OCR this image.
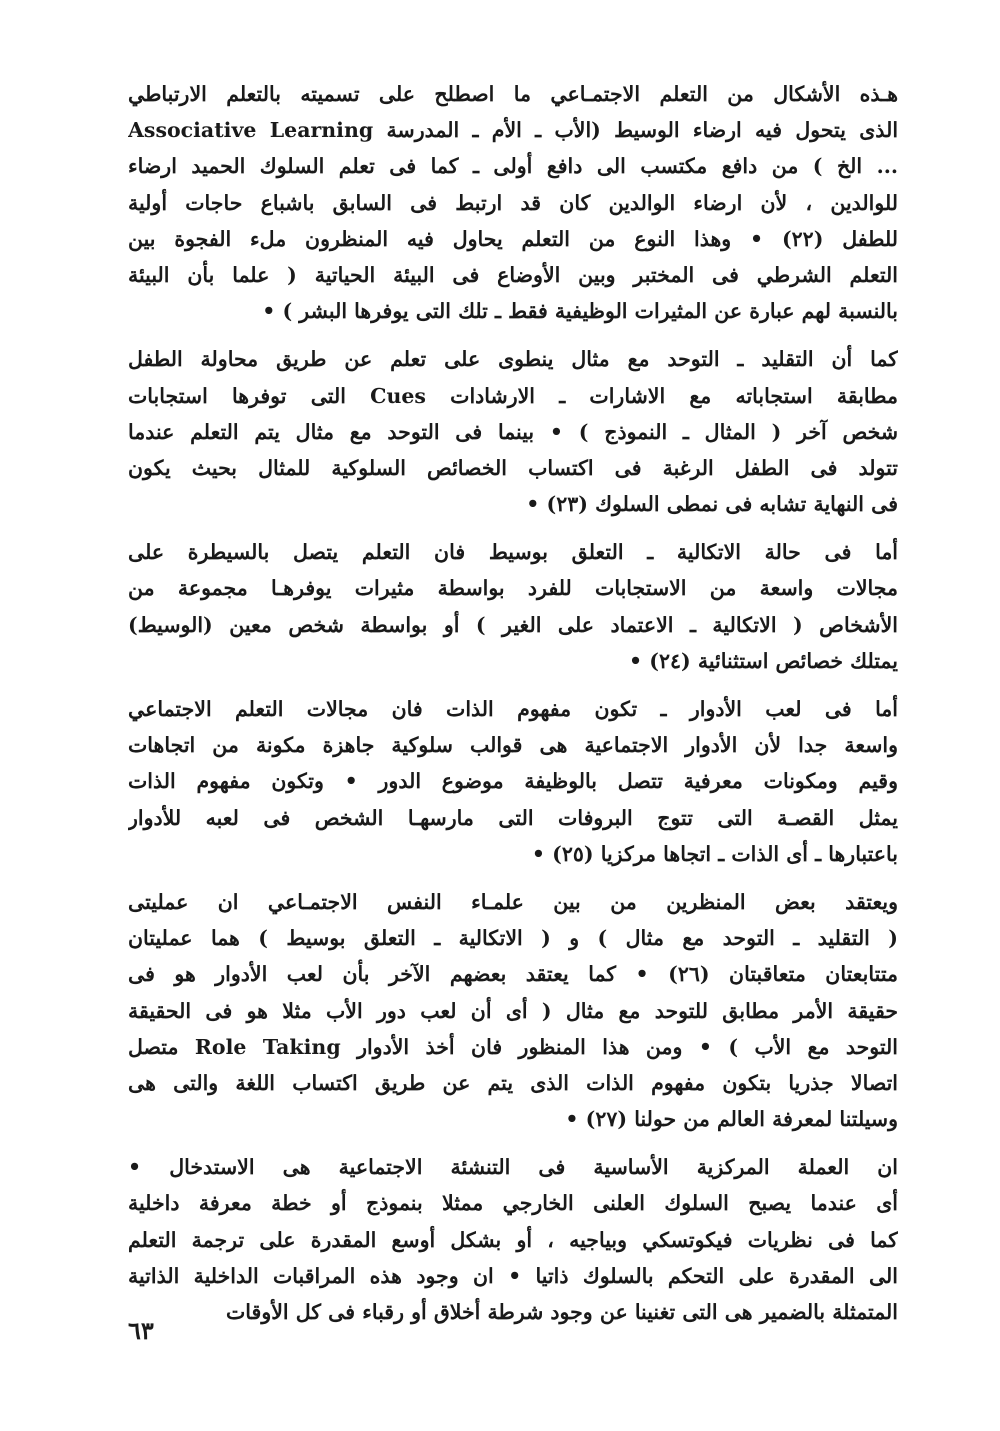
هـذه الأشكال من التعلم الاجتمـاعي ما اصطلح على تسميته بالتعلم الارتباطي
Associative Learning الذى يتحول فيه ارضاء الوسيط (الأب ـ الأم ـ المدرسة
... الخ ) من دافع مكتسب الى دافع أولى ـ كما فى تعلم السلوك الحميد ارضاء
للوالدين ، لأن ارضاء الوالدين كان قد ارتبط فى السابق باشباع حاجات أولية
للطفل (٢٢) • وهذا النوع من التعلم يحاول فيه المنظرون ملء الفجوة بين
التعلم الشرطي فى المختبر وبين الأوضاع فى البيئة الحياتية ( علما بأن البيئة
بالنسبة لهم عبارة عن المثيرات الوظيفية فقط ـ تلك التى يوفرها البشر ) •
كما أن التقليد ـ التوحد مع مثال ينطوى على تعلم عن طريق محاولة الطفل
مطابقة استجاباته مع الاشارات ـ الارشادات Cues التى توفرها استجابات
شخص آخر ( المثال ـ النموذج ) • بينما فى التوحد مع مثال يتم التعلم عندما
تتولد فى الطفل الرغبة فى اكتساب الخصائص السلوكية للمثال بحيث يكون
فى النهاية تشابه فى نمطى السلوك (٢٣) •
أما فى حالة الاتكالية ـ التعلق بوسيط فان التعلم يتصل بالسيطرة على
مجالات واسعة من الاستجابات للفرد بواسطة مثيرات يوفرهـا مجموعة من
الأشخاص ( الاتكالية ـ الاعتماد على الغير ) أو بواسطة شخص معين (الوسيط)
يمتلك خصائص استثنائية (٢٤) •
أما فى لعب الأدوار ـ تكون مفهوم الذات فان مجالات التعلم الاجتماعي
واسعة جدا لأن الأدوار الاجتماعية هى قوالب سلوكية جاهزة مكونة من اتجاهات
وقيم ومكونات معرفية تتصل بالوظيفة موضوع الدور • وتكون مفهوم الذات
يمثل القصـة التى تتوج البروفات التى مارسهـا الشخص فى لعبه للأدوار
باعتبارها ـ أى الذات ـ اتجاها مركزيا (٢٥) •
ويعتقد بعض المنظرين من بين علمـاء النفس الاجتمـاعي ان عمليتى
( التقليد ـ التوحد مع مثال ) و ( الاتكالية ـ التعلق بوسيط ) هما عمليتان
متتابعتان متعاقبتان (٢٦) • كما يعتقد بعضهم الآخر بأن لعب الأدوار هو فى
حقيقة الأمر مطابق للتوحد مع مثال ( أى أن لعب دور الأب مثلا هو فى الحقيقة
التوحد مع الأب ) • ومن هذا المنظور فان أخذ الأدوار Role Taking متصل
اتصالا جذريا بتكون مفهوم الذات الذى يتم عن طريق اكتساب اللغة والتى هى
وسيلتنا لمعرفة العالم من حولنا (٢٧) •
ان العملة المركزية الأساسية فى التنشئة الاجتماعية هى الاستدخال •
أى عندما يصبح السلوك العلنى الخارجي ممثلا بنموذج أو خطة معرفة داخلية
كما فى نظريات فيكوتسكي وبياجيه ، أو بشكل أوسع المقدرة على ترجمة التعلم
الى المقدرة على التحكم بالسلوك ذاتيا • ان وجود هذه المراقبات الداخلية الذاتية
المتمثلة بالضمير هى التى تغنينا عن وجود شرطة أخلاق أو رقباء فى كل الأوقات
٦٣
